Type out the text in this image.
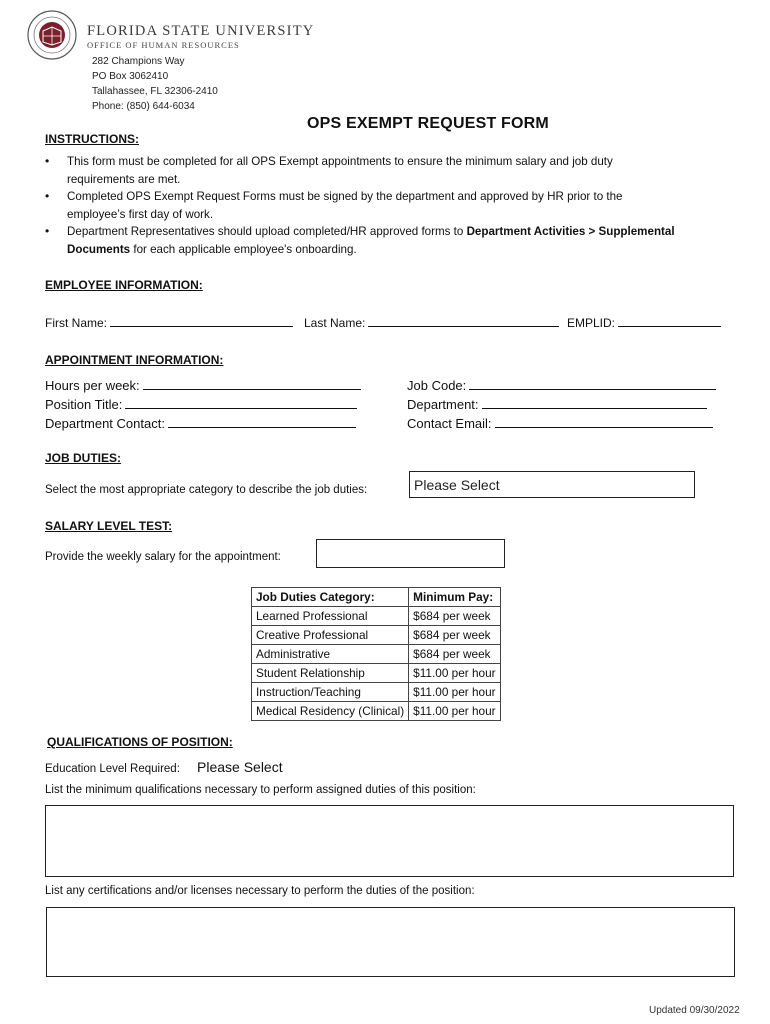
FLORIDA STATE UNIVERSITY
OFFICE OF HUMAN RESOURCES
282 Champions Way
PO Box 3062410
Tallahassee, FL 32306-2410
Phone: (850) 644-6034
OPS EXEMPT REQUEST FORM
INSTRUCTIONS:
• This form must be completed for all OPS Exempt appointments to ensure the minimum salary and job duty requirements are met.
• Completed OPS Exempt Request Forms must be signed by the department and approved by HR prior to the employee’s first day of work.
• Department Representatives should upload completed/HR approved forms to Department Activities > Supplemental Documents for each applicable employee's onboarding.
EMPLOYEE INFORMATION:
First Name:	Last Name:	EMPLID:
APPOINTMENT INFORMATION:
Hours per week:
Position Title:
Department Contact:
Job Code:
Department:
Contact Email:
JOB DUTIES:
Select the most appropriate category to describe the job duties:	Please Select
SALARY LEVEL TEST:
Provide the weekly salary for the appointment:
Job Duties Category:	Minimum Pay:
Learned Professional	$684 per week
Creative Professional	$684 per week
Administrative	$684 per week
Student Relationship	$11.00 per hour
Instruction/Teaching	$11.00 per hour
Medical Residency (Clinical)	$11.00 per hour
QUALIFICATIONS OF POSITION:
Education Level Required: Please Select
List the minimum qualifications necessary to perform assigned duties of this position:
List any certifications and/or licenses necessary to perform the duties of the position:
Updated 09/30/2022
